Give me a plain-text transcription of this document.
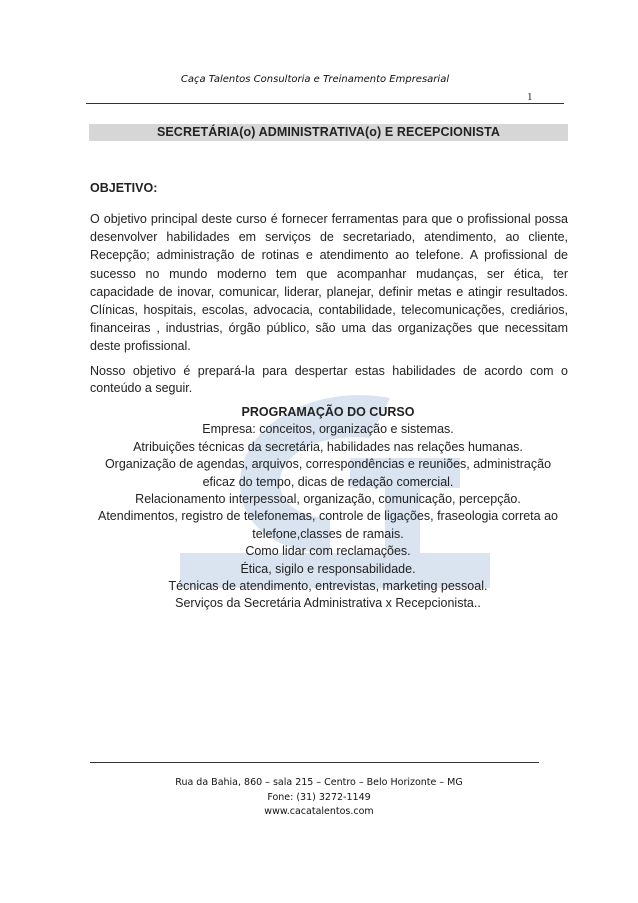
Caça Talentos Consultoria e Treinamento Empresarial
1
SECRETÁRIA(o) ADMINISTRATIVA(o) E RECEPCIONISTA
OBJETIVO:
O objetivo principal deste curso é fornecer ferramentas para que o profissional possa desenvolver habilidades em serviços de secretariado, atendimento, ao cliente, Recepção; administração de rotinas e atendimento ao telefone. A profissional de sucesso no mundo moderno tem que acompanhar mudanças, ser ética, ter capacidade de inovar, comunicar, liderar, planejar, definir metas e atingir resultados. Clínicas, hospitais, escolas, advocacia, contabilidade, telecomunicações, crediários, financeiras , industrias, órgão público, são uma das organizações que necessitam deste profissional.
Nosso objetivo é prepará-la para despertar estas habilidades de acordo com o conteúdo a seguir.
PROGRAMAÇÃO DO CURSO
Empresa: conceitos, organização e sistemas.
Atribuições técnicas da secretária, habilidades nas relações humanas.
Organização de agendas, arquivos, correspondências e reuniões, administração
eficaz do tempo, dicas de redação comercial.
Relacionamento interpessoal, organização, comunicação, percepção.
Atendimentos, registro de telefonemas, controle de ligações, fraseologia correta ao
telefone,classes de ramais.
Como lidar com reclamações.
Ética, sigilo e responsabilidade.
Técnicas de atendimento, entrevistas, marketing pessoal.
Serviços da Secretária Administrativa x Recepcionista..
Rua da Bahia, 860 – sala 215 – Centro – Belo Horizonte – MG
Fone: (31) 3272-1149
www.cacatalentos.com
